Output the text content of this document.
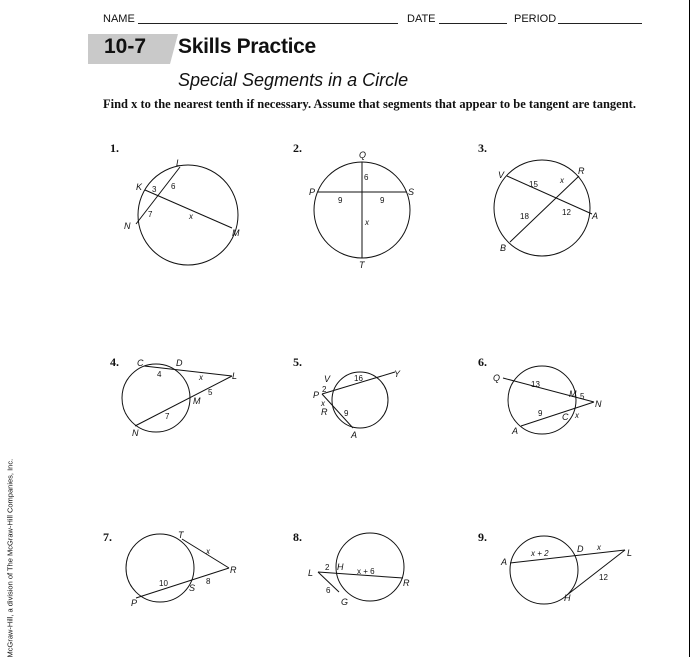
NAME	DATE	PERIOD
10-7 Skills Practice
Special Segments in a Circle
Find x to the nearest tenth if necessary. Assume that segments that appear to be tangent are tangent.
McGraw-Hill, a division of The McGraw-Hill Companies, Inc.
1.	2.	3.
4.	5.	6.
7.	8.	9.
K
L
N
M
3 6
7	x
Q
P	S
T
6
9	9
x
V	R
A
B
15	x
18	12
C	D
L
M
N
4	x
5
7
V
P
R
Y
A
16
2
x
9
Q
M
N
C
A
13
5
9	x
T
R
S
P
x
8
10
L
H
R
G
2	x + 6
6
A
D	L
H
x + 2
x
12
